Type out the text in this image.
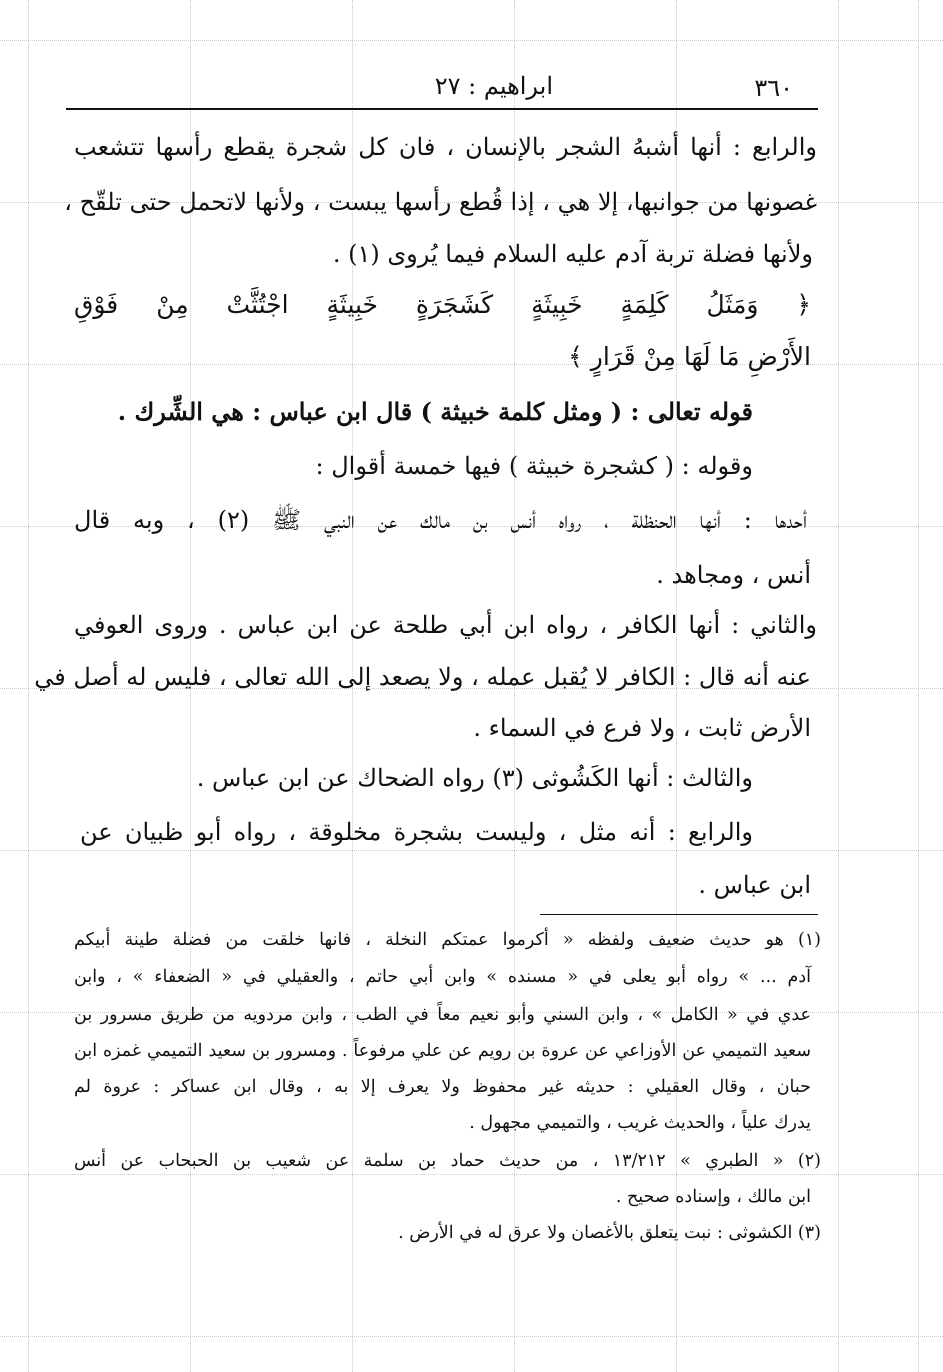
٣٦٠
ابراهيم : ٢٧
والرابع : أنها أشبهُ الشجر بالإنسان ، فان كل شجرة يقطع رأسها تتشعب
غصونها من جوانبها، إلا هي ، إذا قُطع رأسها يبست ، ولأنها لاتحمل حتى تلقّح ،
ولأنها فضلة تربة آدم عليه السلام فيما يُروى (١) .
﴿ وَمَثَلُ كَلِمَةٍ خَبِيثَةٍ كَشَجَرَةٍ خَبِيثَةٍ اجْتُثَّتْ مِنْ فَوْقِ
الأَرْضِ مَا لَهَا مِنْ قَرَارٍ ﴾
قوله تعالى : ( ومثل كلمة خبيثة ) قال ابن عباس : هي الشِّرك .
وقوله : ( كشجرة خبيثة ) فيها خمسة أقوال :
أحدها : أنها الحنظلة ، رواه أنس بن مالك عن النبي ﷺ (٢) ، وبه قال
أنس ، ومجاهد .
والثاني : أنها الكافر ، رواه ابن أبي طلحة عن ابن عباس . وروى العوفي
عنه أنه قال : الكافر لا يُقبل عمله ، ولا يصعد إلى الله تعالى ، فليس له أصل في
الأرض ثابت ، ولا فرع في السماء .
والثالث : أنها الكَشُوثى (٣) رواه الضحاك عن ابن عباس .
والرابع : أنه مثل ، وليست بشجرة مخلوقة ، رواه أبو ظبيان عن
ابن عباس .
(١) هو حديث ضعيف ولفظه « أكرموا عمتكم النخلة ، فانها خلقت من فضلة طينة أبيكم
آدم ... » رواه أبو يعلى في « مسنده » وابن أبي حاتم ، والعقيلي في « الضعفاء » ، وابن
عدي في « الكامل » ، وابن السني وأبو نعيم معاً في الطب ، وابن مردويه من طريق مسرور بن
سعيد التميمي عن الأوزاعي عن عروة بن رويم عن علي مرفوعاً . ومسرور بن سعيد التميمي غمزه ابن
حبان ، وقال العقيلي : حديثه غير محفوظ ولا يعرف إلا به ، وقال ابن عساكر : عروة لم
يدرك علياً ، والحديث غريب ، والتميمي مجهول .
(٢) « الطبري » ١٣/٢١٢ ، من حديث حماد بن سلمة عن شعيب بن الحبحاب عن أنس
ابن مالك ، وإسناده صحيح .
(٣) الكشوثى : نبت يتعلق بالأغصان ولا عرق له في الأرض .
